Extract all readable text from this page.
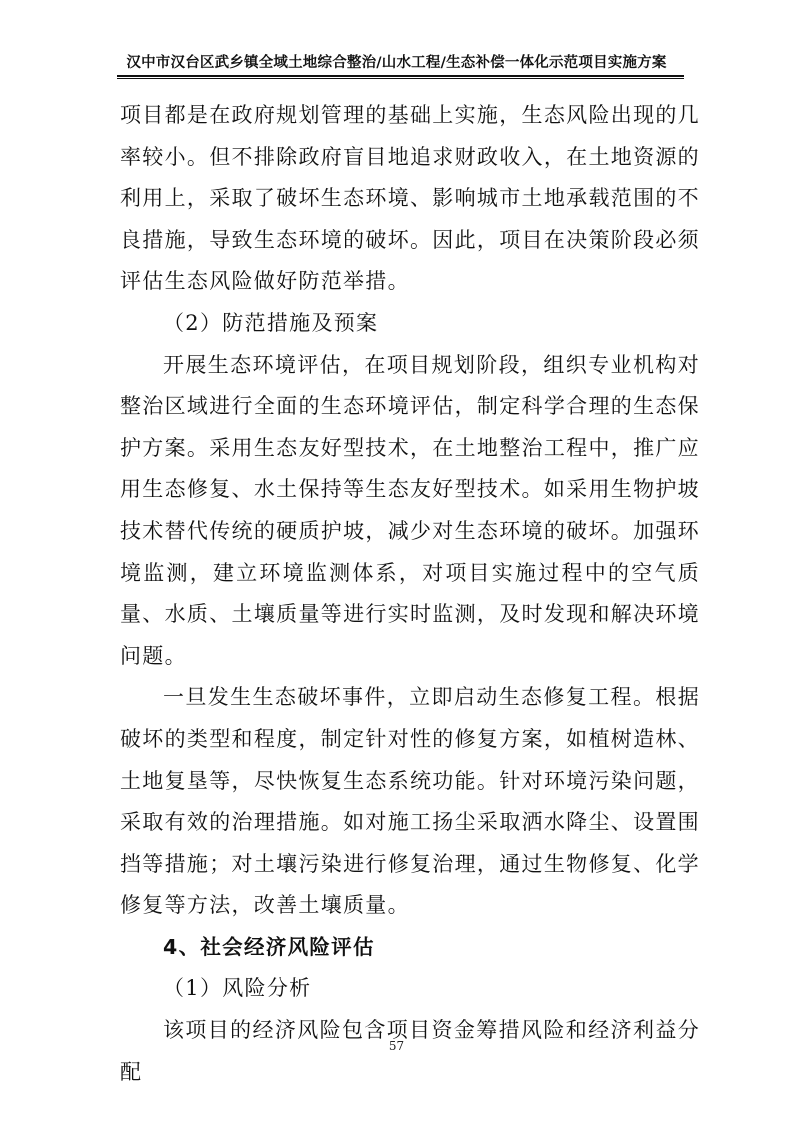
汉中市汉台区武乡镇全域土地综合整治/山水工程/生态补偿一体化示范项目实施方案

项目都是在政府规划管理的基础上实施，生态风险出现的几率较小。但不排除政府盲目地追求财政收入，在土地资源的利用上，采取了破坏生态环境、影响城市土地承载范围的不良措施，导致生态环境的破坏。因此，项目在决策阶段必须评估生态风险做好防范举措。

（2）防范措施及预案

开展生态环境评估，在项目规划阶段，组织专业机构对整治区域进行全面的生态环境评估，制定科学合理的生态保护方案。采用生态友好型技术，在土地整治工程中，推广应用生态修复、水土保持等生态友好型技术。如采用生物护坡技术替代传统的硬质护坡，减少对生态环境的破坏。加强环境监测，建立环境监测体系，对项目实施过程中的空气质量、水质、土壤质量等进行实时监测，及时发现和解决环境问题。

一旦发生生态破坏事件，立即启动生态修复工程。根据破坏的类型和程度，制定针对性的修复方案，如植树造林、土地复垦等，尽快恢复生态系统功能。针对环境污染问题，采取有效的治理措施。如对施工扬尘采取洒水降尘、设置围挡等措施；对土壤污染进行修复治理，通过生物修复、化学修复等方法，改善土壤质量。

4、社会经济风险评估

（1）风险分析

该项目的经济风险包含项目资金筹措风险和经济利益分配

57
